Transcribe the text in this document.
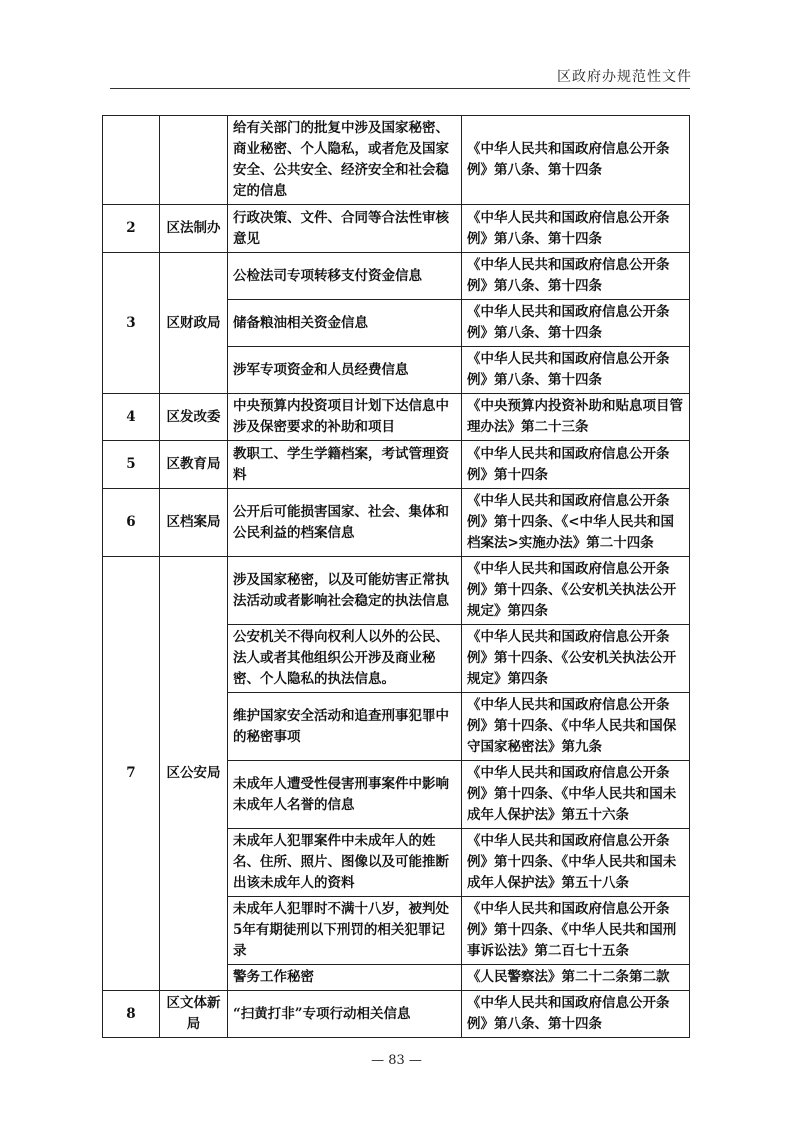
区政府办规范性文件
		给有关部门的批复中涉及国家秘密、商业秘密、个人隐私，或者危及国家安全、公共安全、经济安全和社会稳定的信息	《中华人民共和国政府信息公开条例》第八条、第十四条
2	区法制办	行政决策、文件、合同等合法性审核意见	《中华人民共和国政府信息公开条例》第八条、第十四条
3	区财政局	公检法司专项转移支付资金信息	《中华人民共和国政府信息公开条例》第八条、第十四条
		储备粮油相关资金信息	《中华人民共和国政府信息公开条例》第八条、第十四条
		涉军专项资金和人员经费信息	《中华人民共和国政府信息公开条例》第八条、第十四条
4	区发改委	中央预算内投资项目计划下达信息中涉及保密要求的补助和项目	《中央预算内投资补助和贴息项目管理办法》第二十三条
5	区教育局	教职工、学生学籍档案，考试管理资料	《中华人民共和国政府信息公开条例》第十四条
6	区档案局	公开后可能损害国家、社会、集体和公民利益的档案信息	《中华人民共和国政府信息公开条例》第十四条、《<中华人民共和国档案法>实施办法》第二十四条
7	区公安局	涉及国家秘密，以及可能妨害正常执法活动或者影响社会稳定的执法信息	《中华人民共和国政府信息公开条例》第十四条、《公安机关执法公开规定》第四条
		公安机关不得向权利人以外的公民、法人或者其他组织公开涉及商业秘密、个人隐私的执法信息。	《中华人民共和国政府信息公开条例》第十四条、《公安机关执法公开规定》第四条
		维护国家安全活动和追查刑事犯罪中的秘密事项	《中华人民共和国政府信息公开条例》第十四条、《中华人民共和国保守国家秘密法》第九条
		未成年人遭受性侵害刑事案件中影响未成年人名誉的信息	《中华人民共和国政府信息公开条例》第十四条、《中华人民共和国未成年人保护法》第五十六条
		未成年人犯罪案件中未成年人的姓名、住所、照片、图像以及可能推断出该未成年人的资料	《中华人民共和国政府信息公开条例》第十四条、《中华人民共和国未成年人保护法》第五十八条
		未成年人犯罪时不满十八岁，被判处5年有期徒刑以下刑罚的相关犯罪记录	《中华人民共和国政府信息公开条例》第十四条、《中华人民共和国刑事诉讼法》第二百七十五条
		警务工作秘密	《人民警察法》第二十二条第二款
8	区文体新局	“扫黄打非”专项行动相关信息	《中华人民共和国政府信息公开条例》第八条、第十四条
— 83 —
